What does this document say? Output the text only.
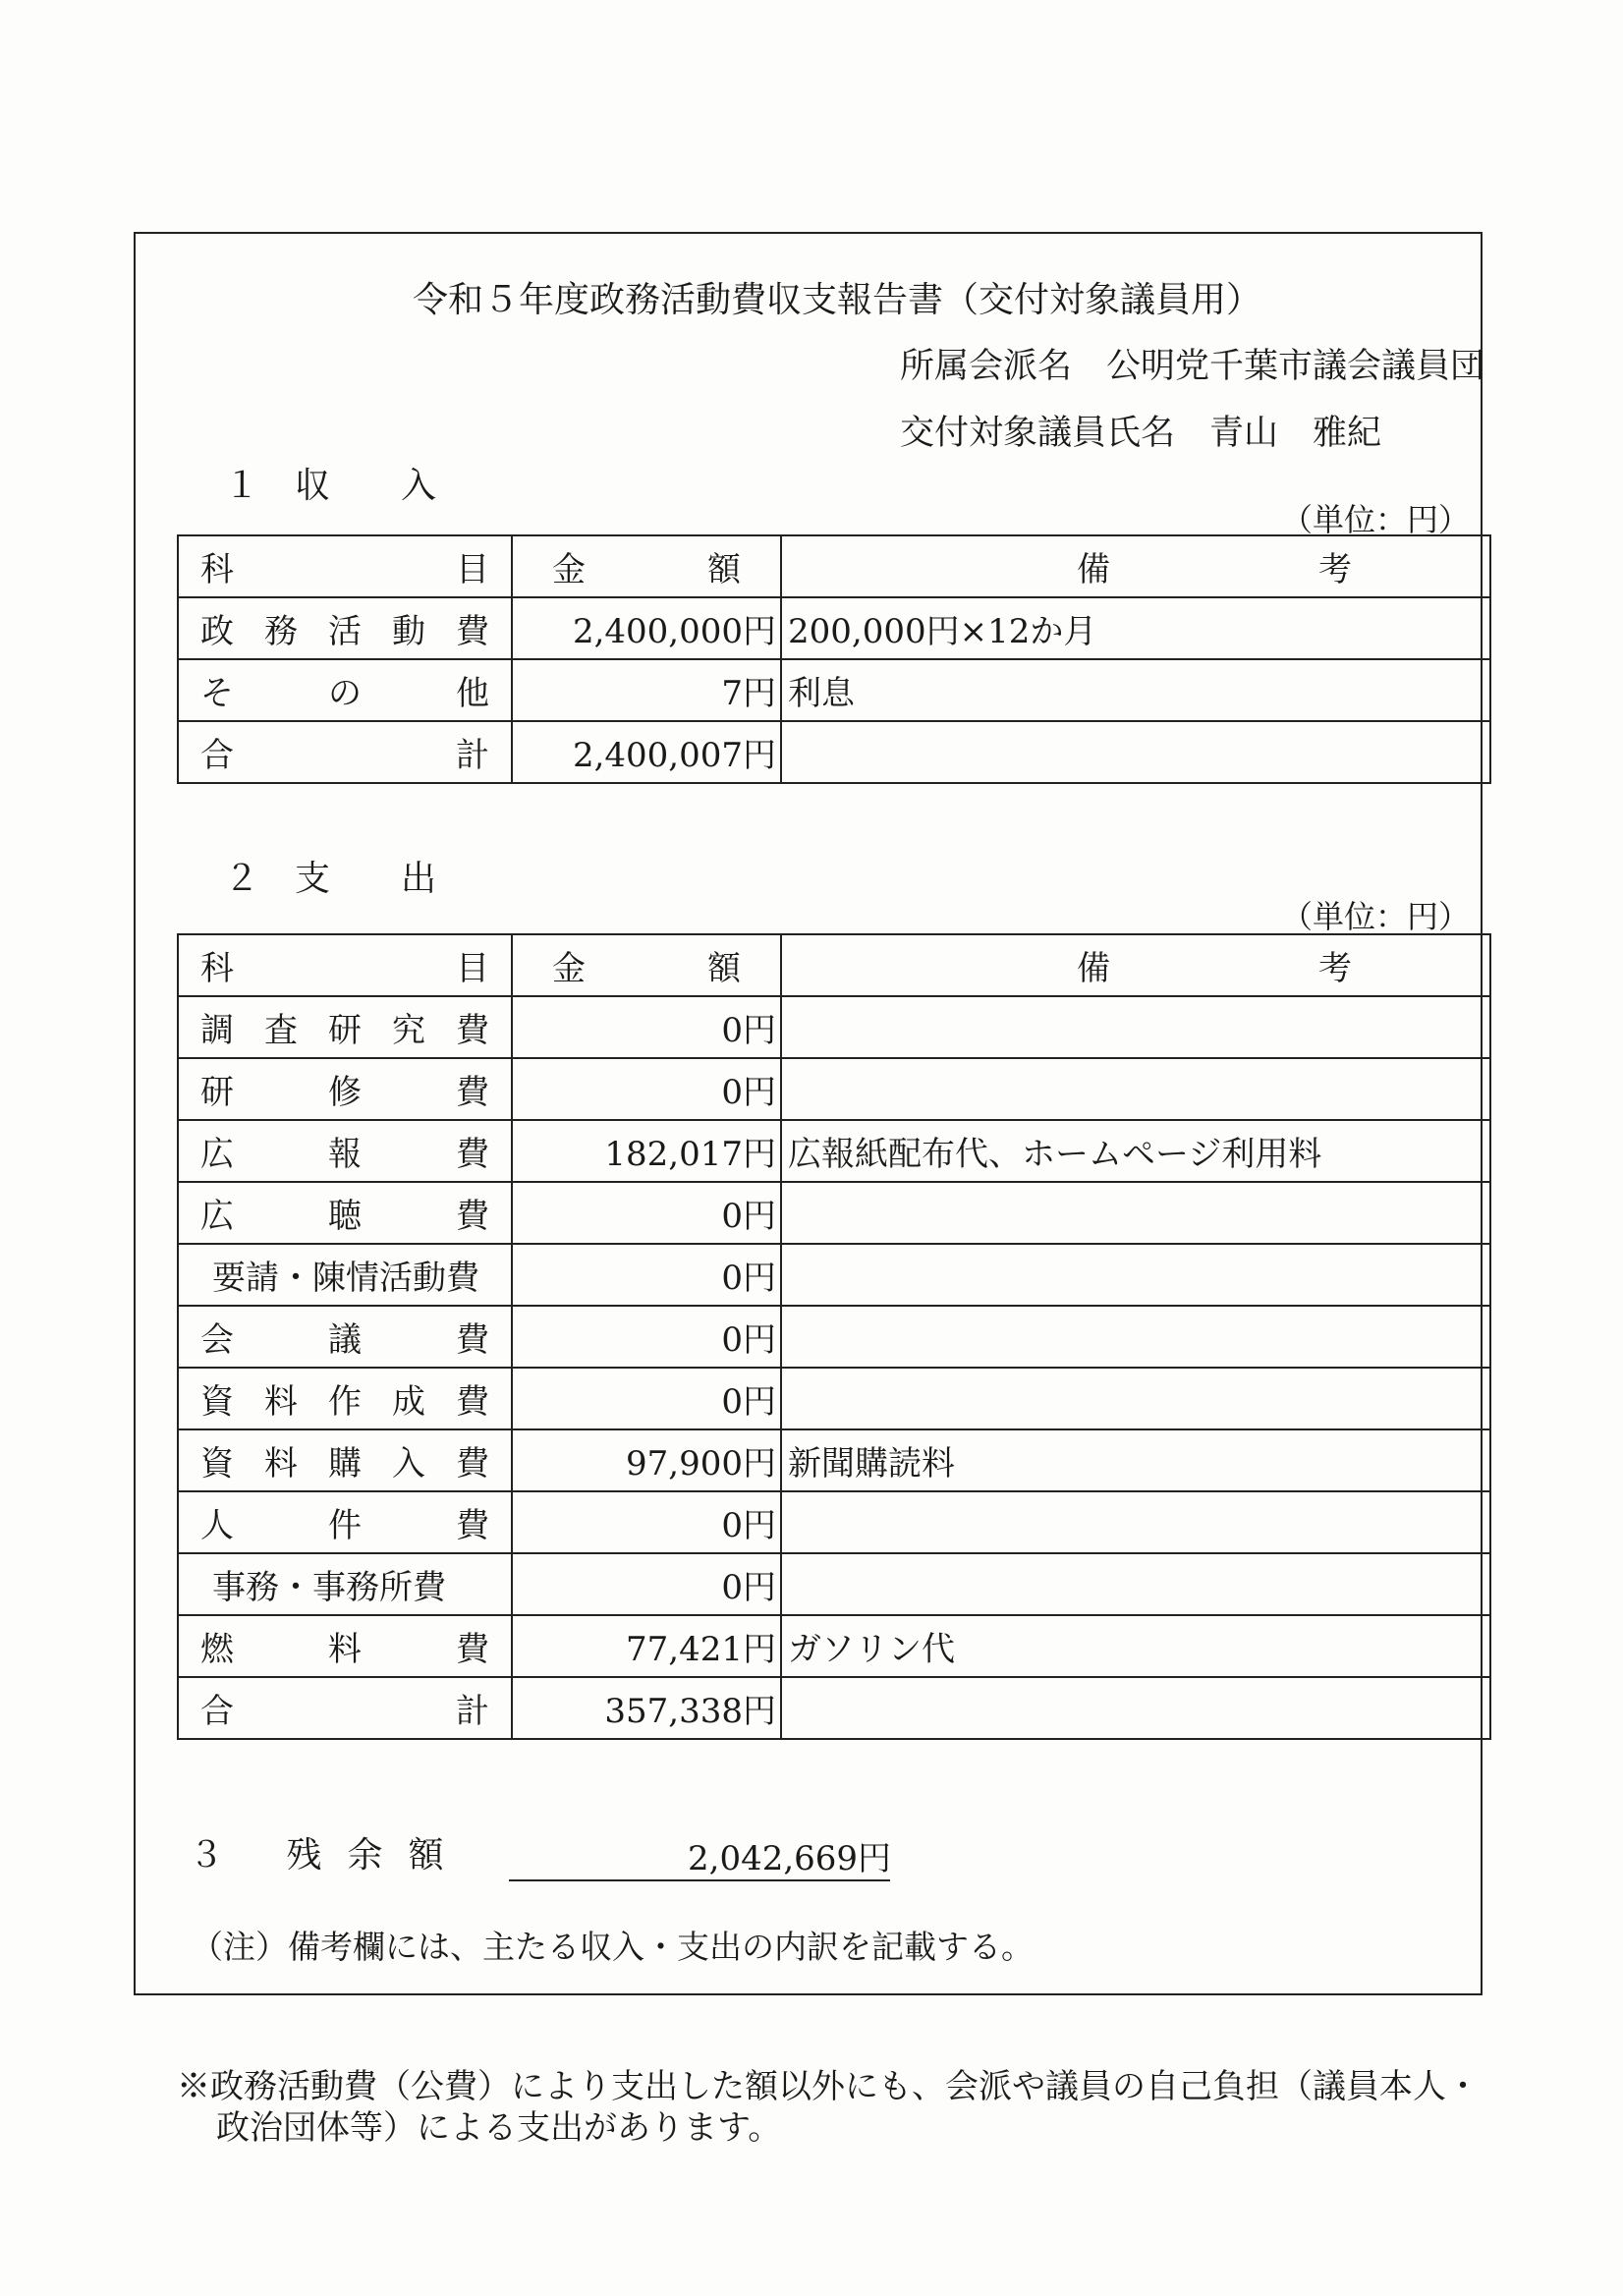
令和５年度政務活動費収支報告書（交付対象議員用）
所属会派名　 公明党千葉市議会議員団
交付対象議員氏名　 青山　雅紀
１　収　　入
（単位：円）
科目	金額	備考
政務活動費	2,400,000円	200,000円×12か月
その他	7円	利息
合計	2,400,007円	
２　支　　出
（単位：円）
科目	金額	備考
調査研究費	0円	
研修費	0円	
広報費	182,017円	広報紙配布代、ホームページ利用料
広聴費	0円	
要請・陳情活動費	0円	
会議費	0円	
資料作成費	0円	
資料購入費	97,900円	新聞購読料
人件費	0円	
事務・事務所費	0円	
燃料費	77,421円	ガソリン代
合計	357,338円	
３ 残余額	2,042,669円
（注）備考欄には、主たる収入・支出の内訳を記載する。
※政務活動費（公費）により支出した額以外にも、会派や議員の自己負担（議員本人・
政治団体等）による支出があります。
